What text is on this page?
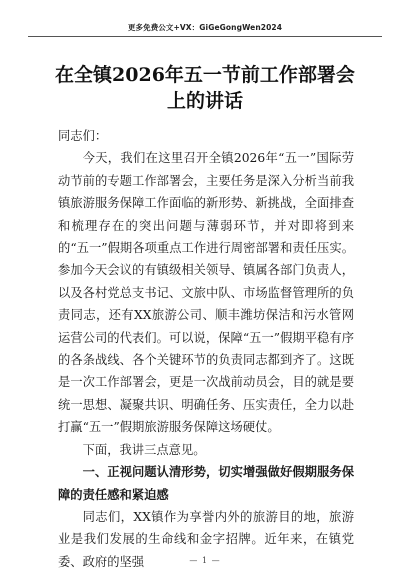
更多免费公文+VX：GiGeGongWen2024
在全镇2026年五一节前工作部署会上的讲话

同志们：

今天，我们在这里召开全镇2026年“五一”国际劳动节前的专题工作部署会，主要任务是深入分析当前我镇旅游服务保障工作面临的新形势、新挑战，全面排查和梳理存在的突出问题与薄弱环节，并对即将到来的“五一”假期各项重点工作进行周密部署和责任压实。参加今天会议的有镇级相关领导、镇属各部门负责人，以及各村党总支书记、文旅中队、市场监督管理所的负责同志，还有XX旅游公司、顺丰潍坊保洁和污水管网运营公司的代表们。可以说，保障“五一”假期平稳有序的各条战线、各个关键环节的负责同志都到齐了。这既是一次工作部署会，更是一次战前动员会，目的就是要统一思想、凝聚共识、明确任务、压实责任，全力以赴打赢“五一”假期旅游服务保障这场硬仗。

下面，我讲三点意见。

一、正视问题认清形势，切实增强做好假期服务保障的责任感和紧迫感

同志们，XX镇作为享誉内外的旅游目的地，旅游业是我们发展的生命线和金字招牌。近年来，在镇党委、政府的坚强	— 1 —
